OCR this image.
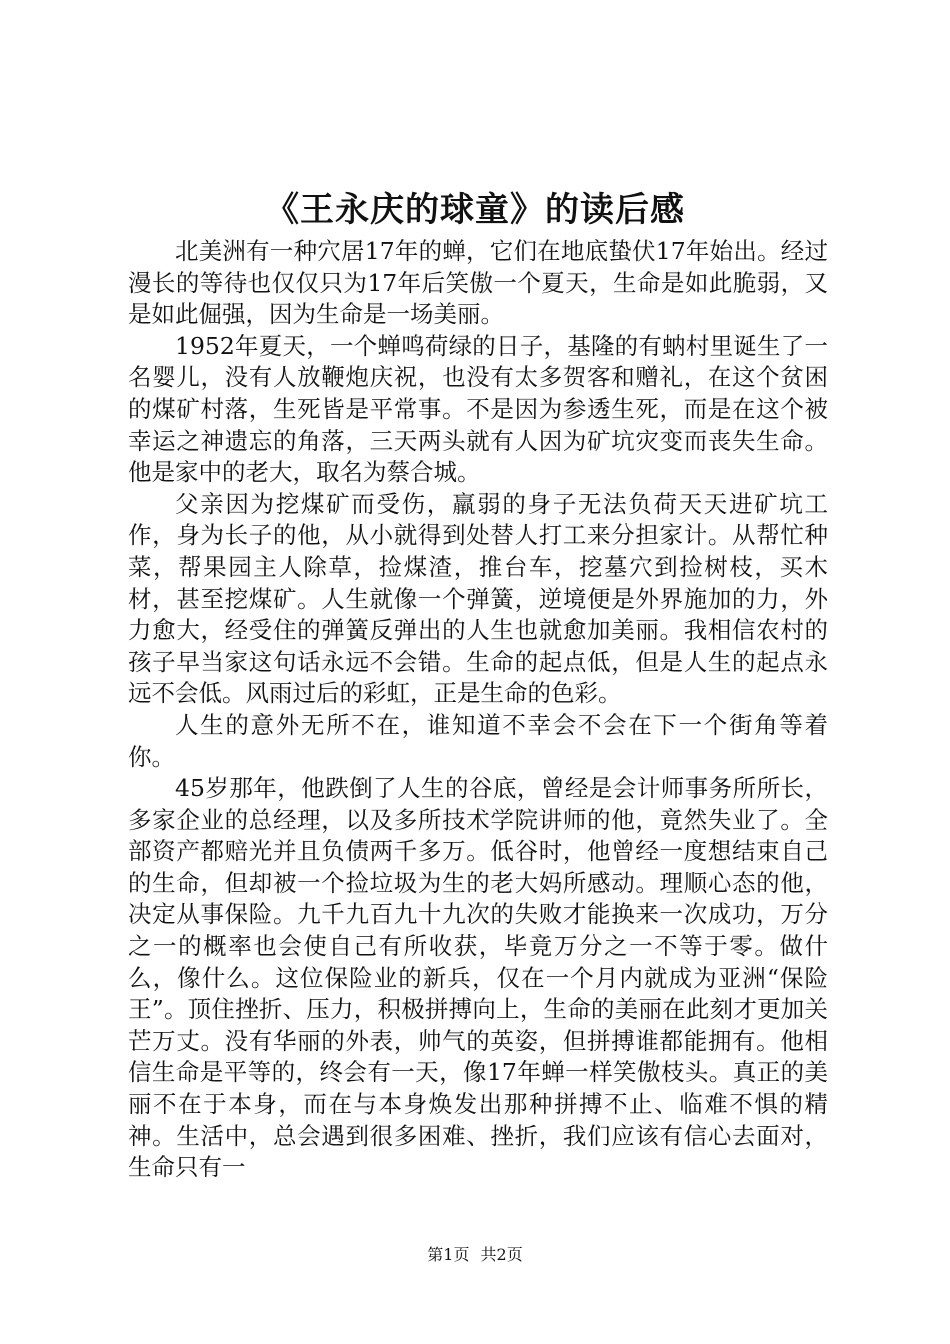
《王永庆的球童》的读后感

北美洲有一种穴居17年的蝉，它们在地底蛰伏17年始出。经过漫长的等待也仅仅只为17年后笑傲一个夏天，生命是如此脆弱，又是如此倔强，因为生命是一场美丽。

1952年夏天，一个蝉鸣荷绿的日子，基隆的有蚋村里诞生了一名婴儿，没有人放鞭炮庆祝，也没有太多贺客和赠礼，在这个贫困的煤矿村落，生死皆是平常事。不是因为参透生死，而是在这个被幸运之神遗忘的角落，三天两头就有人因为矿坑灾变而丧失生命。他是家中的老大，取名为蔡合城。

父亲因为挖煤矿而受伤，羸弱的身子无法负荷天天进矿坑工作，身为长子的他，从小就得到处替人打工来分担家计。从帮忙种菜，帮果园主人除草，捡煤渣，推台车，挖墓穴到捡树枝，买木材，甚至挖煤矿。人生就像一个弹簧，逆境便是外界施加的力，外力愈大，经受住的弹簧反弹出的人生也就愈加美丽。我相信农村的孩子早当家这句话永远不会错。生命的起点低，但是人生的起点永远不会低。风雨过后的彩虹，正是生命的色彩。

人生的意外无所不在，谁知道不幸会不会在下一个街角等着你。

45岁那年，他跌倒了人生的谷底，曾经是会计师事务所所长，多家企业的总经理，以及多所技术学院讲师的他，竟然失业了。全部资产都赔光并且负债两千多万。低谷时，他曾经一度想结束自己的生命，但却被一个捡垃圾为生的老大妈所感动。理顺心态的他，决定从事保险。九千九百九十九次的失败才能换来一次成功，万分之一的概率也会使自己有所收获，毕竟万分之一不等于零。做什么，像什么。这位保险业的新兵，仅在一个月内就成为亚洲“保险王”。顶住挫折、压力，积极拼搏向上，生命的美丽在此刻才更加关芒万丈。没有华丽的外表，帅气的英姿，但拼搏谁都能拥有。他相信生命是平等的，终会有一天，像17年蝉一样笑傲枝头。真正的美丽不在于本身，而在与本身焕发出那种拼搏不止、临难不惧的精神。生活中，总会遇到很多困难、挫折，我们应该有信心去面对，生命只有一

第1页 共2页
